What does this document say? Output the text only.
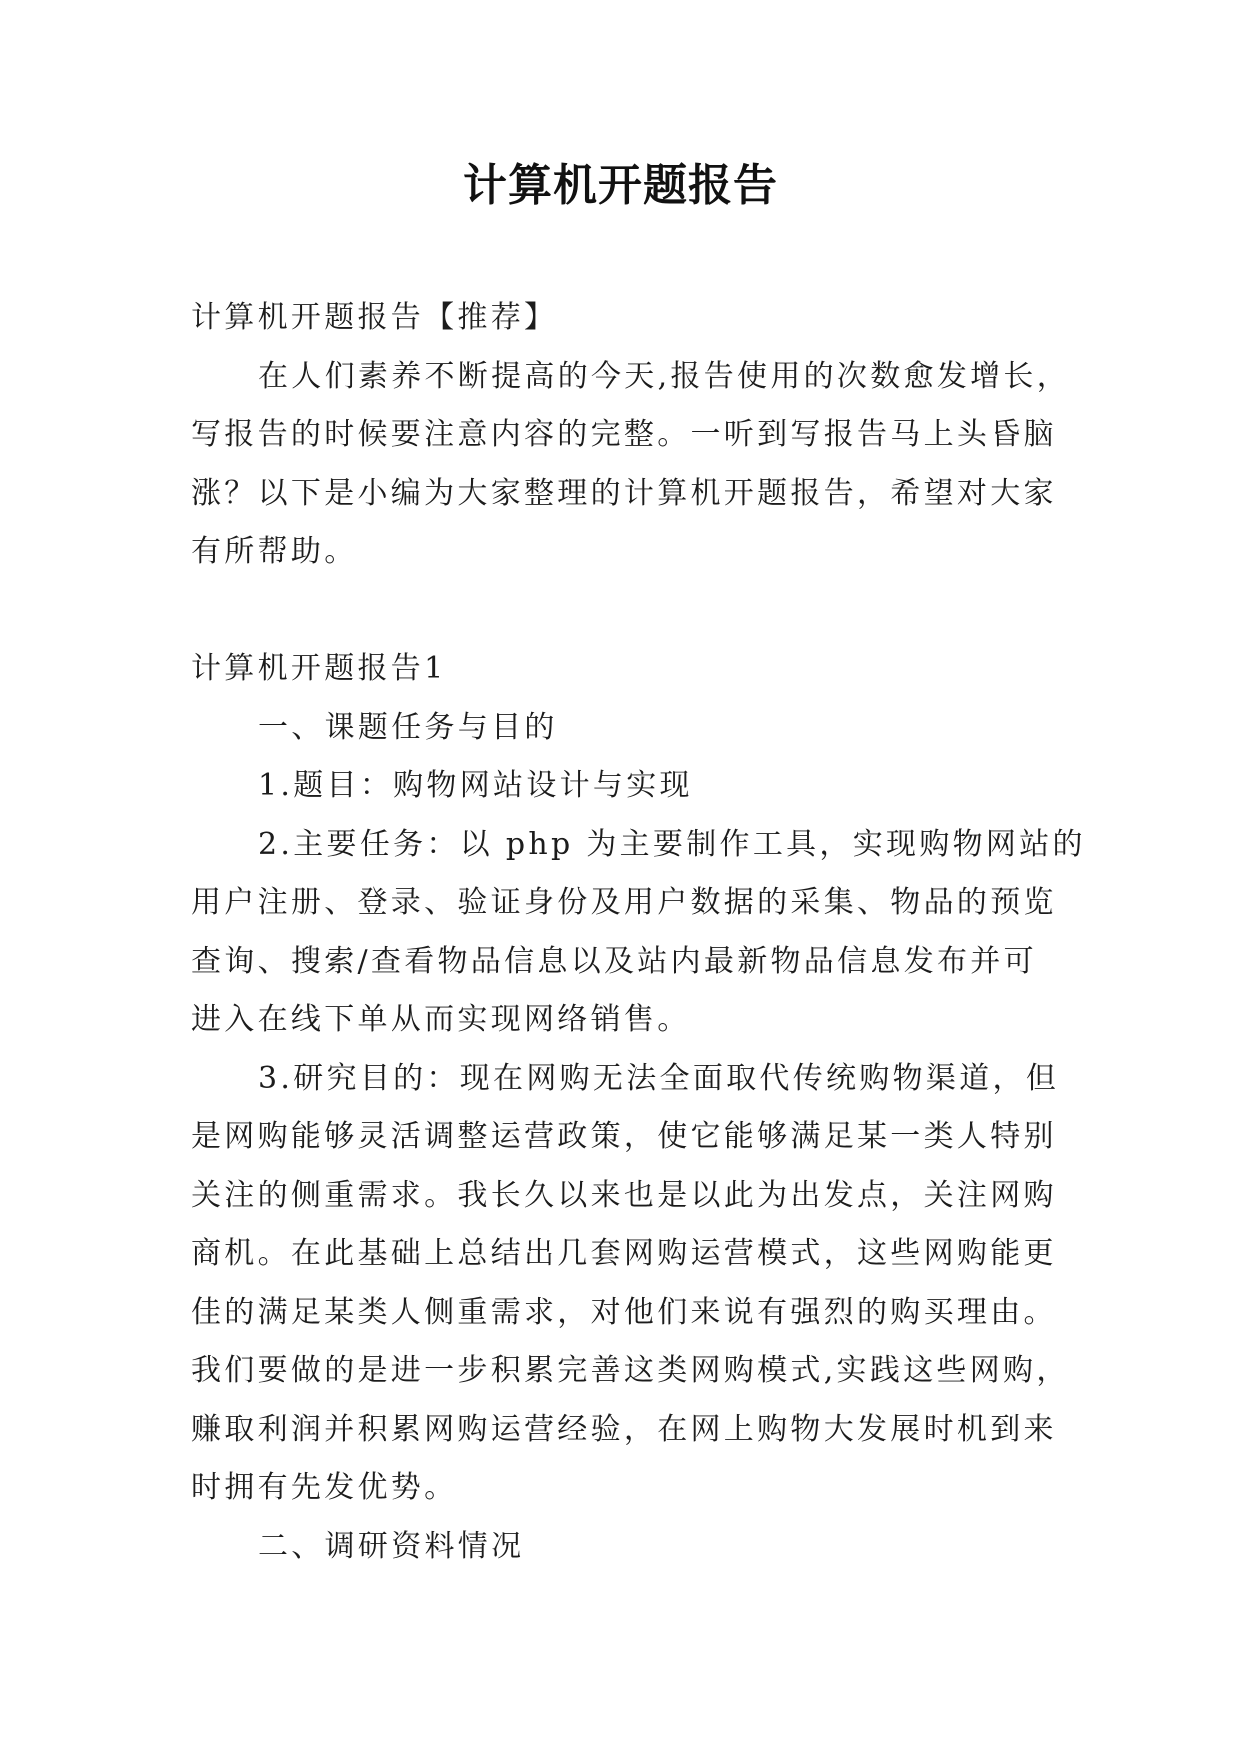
计算机开题报告
计算机开题报告【推荐】
在人们素养不断提高的今天,报告使用的次数愈发增长，
写报告的时候要注意内容的完整。一听到写报告马上头昏脑
涨？以下是小编为大家整理的计算机开题报告，希望对大家
有所帮助。
计算机开题报告1
一、课题任务与目的
1.题目：购物网站设计与实现
2.主要任务：以 php 为主要制作工具，实现购物网站的
用户注册、登录、验证身份及用户数据的采集、物品的预览
查询、搜索/查看物品信息以及站内最新物品信息发布并可
进入在线下单从而实现网络销售。
3.研究目的：现在网购无法全面取代传统购物渠道，但
是网购能够灵活调整运营政策，使它能够满足某一类人特别
关注的侧重需求。我长久以来也是以此为出发点，关注网购
商机。在此基础上总结出几套网购运营模式，这些网购能更
佳的满足某类人侧重需求，对他们来说有强烈的购买理由。
我们要做的是进一步积累完善这类网购模式,实践这些网购，
赚取利润并积累网购运营经验，在网上购物大发展时机到来
时拥有先发优势。
二、调研资料情况
